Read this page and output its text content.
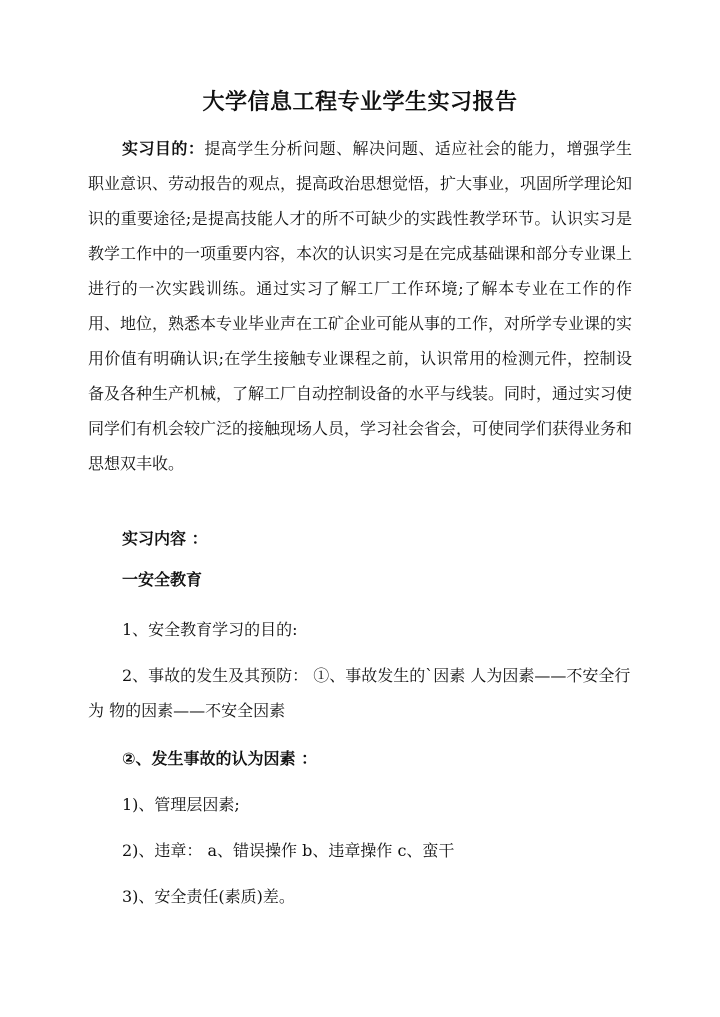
大学信息工程专业学生实习报告
实习目的：提高学生分析问题、解决问题、适应社会的能力，增强学生职业意识、劳动报告的观点，提高政治思想觉悟，扩大事业，巩固所学理论知识的重要途径;是提高技能人才的所不可缺少的实践性教学环节。认识实习是教学工作中的一项重要内容，本次的认识实习是在完成基础课和部分专业课上进行的一次实践训练。通过实习了解工厂工作环境;了解本专业在工作的作用、地位，熟悉本专业毕业声在工矿企业可能从事的工作，对所学专业课的实用价值有明确认识;在学生接触专业课程之前，认识常用的检测元件，控制设备及各种生产机械，了解工厂自动控制设备的水平与线装。同时，通过实习使同学们有机会较广泛的接触现场人员，学习社会省会，可使同学们获得业务和思想双丰收。
实习内容 ：
一安全教育
1、安全教育学习的目的:
2、事故的发生及其预防： ①、事故发生的`因素 人为因素——不安全行为 物的因素——不安全因素
②、发生事故的认为因素 ：
1)、管理层因素;
2)、违章： a、错误操作 b、违章操作 c、蛮干
3)、安全责任(素质)差。
